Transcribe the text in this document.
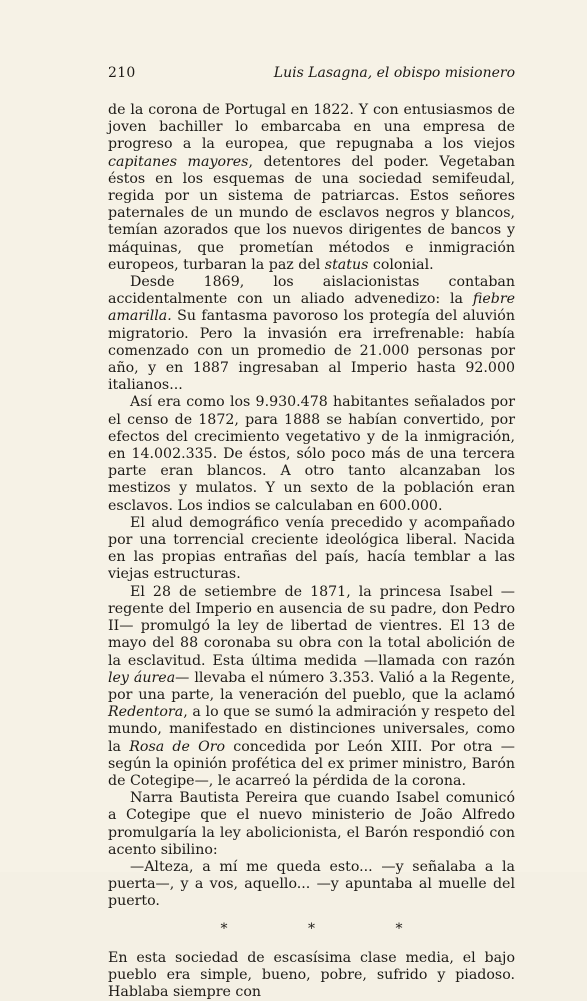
210	Luis Lasagna, el obispo misionero

de la corona de Portugal en 1822. Y con entusiasmos de joven bachiller lo embarcaba en una empresa de progreso a la europea, que repugnaba a los viejos capitanes mayores, detentores del poder. Vegetaban éstos en los esquemas de una sociedad semifeudal, regida por un sistema de patriarcas. Estos señores paternales de un mundo de esclavos negros y blancos, temían azorados que los nuevos dirigentes de bancos y máquinas, que prometían métodos e inmigración europeos, turbaran la paz del status colonial.

Desde 1869, los aislacionistas contaban accidentalmente con un aliado advenedizo: la fiebre amarilla. Su fantasma pavoroso los protegía del aluvión migratorio. Pero la invasión era irrefrenable: había comenzado con un promedio de 21.000 personas por año, y en 1887 ingresaban al Imperio hasta 92.000 italianos...

Así era como los 9.930.478 habitantes señalados por el censo de 1872, para 1888 se habían convertido, por efectos del crecimiento vegetativo y de la inmigración, en 14.002.335. De éstos, sólo poco más de una tercera parte eran blancos. A otro tanto alcanzaban los mestizos y mulatos. Y un sexto de la población eran esclavos. Los indios se calculaban en 600.000.

El alud demográfico venía precedido y acompañado por una torrencial creciente ideológica liberal. Nacida en las propias entrañas del país, hacía temblar a las viejas estructuras.

El 28 de setiembre de 1871, la princesa Isabel —regente del Imperio en ausencia de su padre, don Pedro II— promulgó la ley de libertad de vientres. El 13 de mayo del 88 coronaba su obra con la total abolición de la esclavitud. Esta última medida —llamada con razón ley áurea— llevaba el número 3.353. Valió a la Regente, por una parte, la veneración del pueblo, que la aclamó Redentora, a lo que se sumó la admiración y respeto del mundo, manifestado en distinciones universales, como la Rosa de Oro concedida por León XIII. Por otra —según la opinión profética del ex primer ministro, Barón de Cotegipe—, le acarreó la pérdida de la corona.

Narra Bautista Pereira que cuando Isabel comunicó a Cotegipe que el nuevo ministerio de João Alfredo promulgaría la ley abolicionista, el Barón respondió con acento sibilino:

—Alteza, a mí me queda esto... —y señalaba a la puerta—, y a vos, aquello... —y apuntaba al muelle del puerto.

* * *

En esta sociedad de escasísima clase media, el bajo pueblo era simple, bueno, pobre, sufrido y piadoso. Hablaba siempre con
